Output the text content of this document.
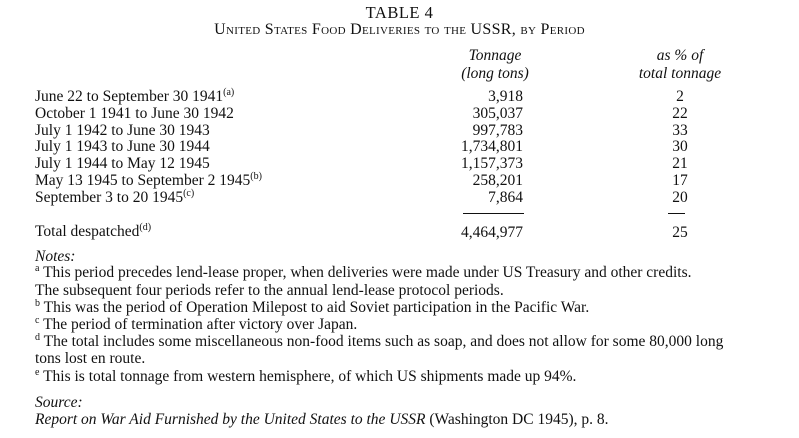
TABLE 4
United States Food Deliveries to the USSR, by Period
Tonnage
(long tons)
as % of
total tonnage
June 22 to September 30 1941$^{(a)}$	3,918	2
October 1 1941 to June 30 1942	305,037	22
July 1 1942 to June 30 1943	997,783	33
July 1 1943 to June 30 1944	1,734,801	30
July 1 1944 to May 12 1945	1,157,373	21
May 13 1945 to September 2 1945$^{(b)}$	258,201	17
September 3 to 20 1945$^{(c)}$	7,864	20
Total despatched$^{(d)}$	4,464,977	25
Notes:
$^a$ This period precedes lend-lease proper, when deliveries were made under US Treasury and other credits.
The subsequent four periods refer to the annual lend-lease protocol periods.
$^b$ This was the period of Operation Milepost to aid Soviet participation in the Pacific War.
$^c$ The period of termination after victory over Japan.
$^d$ The total includes some miscellaneous non-food items such as soap, and does not allow for some 80,000 long
tons lost en route.
$^e$ This is total tonnage from western hemisphere, of which US shipments made up 94%.
Source:
Report on War Aid Furnished by the United States to the USSR (Washington DC 1945), p. 8.
